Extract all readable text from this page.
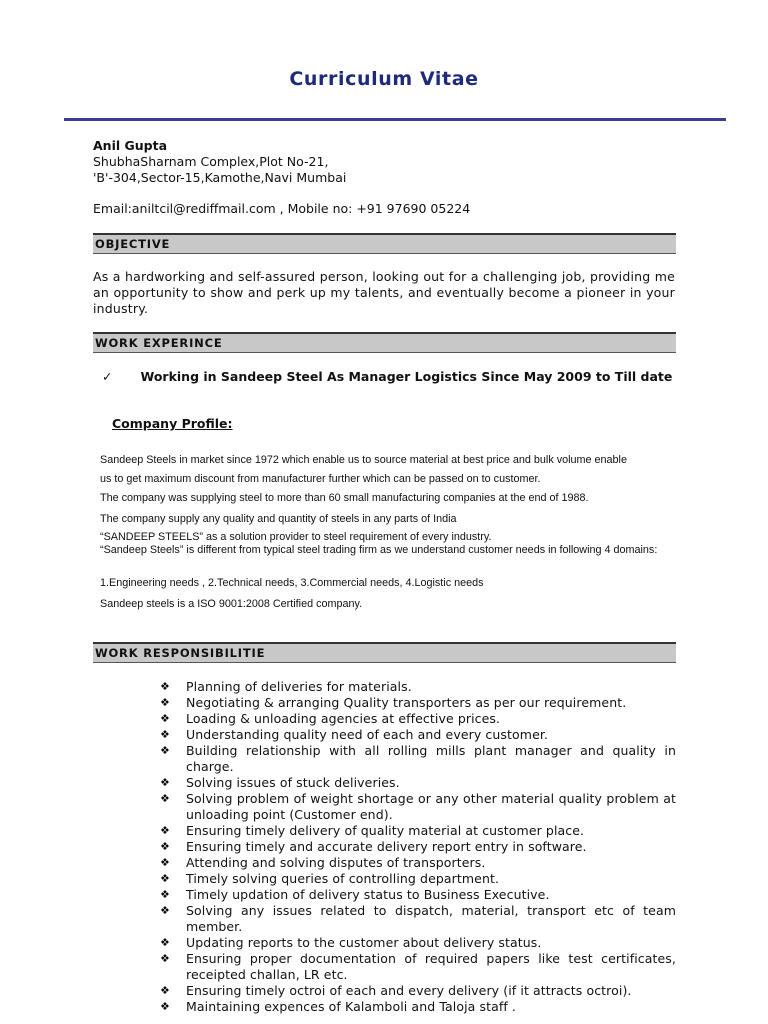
Curriculum Vitae
Anil Gupta
ShubhaSharnam Complex,Plot No-21,
'B'-304,Sector-15,Kamothe,Navi Mumbai
Email:aniltcil@rediffmail.com , Mobile no: +91 97690 05224
OBJECTIVE
As a hardworking and self-assured person, looking out for a challenging job, providing me an opportunity to show and perk up my talents, and eventually become a pioneer in your industry.
WORK EXPERINCE
✓ Working in Sandeep Steel As Manager Logistics Since May 2009 to Till date
Company Profile:
Sandeep Steels in market since 1972 which enable us to source material at best price and bulk volume enable
us to get maximum discount from manufacturer further which can be passed on to customer.
The company was supplying steel to more than 60 small manufacturing companies at the end of 1988.
The company supply any quality and quantity of steels in any parts of India
“SANDEEP STEELS” as a solution provider to steel requirement of every industry.
“Sandeep Steels” is different from typical steel trading firm as we understand customer needs in following 4 domains:
1.Engineering needs , 2.Technical needs, 3.Commercial needs, 4.Logistic needs
Sandeep steels is a ISO 9001:2008 Certified company.
WORK RESPONSIBILITIE
❖ Planning of deliveries for materials.
❖ Negotiating & arranging Quality transporters as per our requirement.
❖ Loading & unloading agencies at effective prices.
❖ Understanding quality need of each and every customer.
❖ Building relationship with all rolling mills plant manager and quality in charge.
❖ Solving issues of stuck deliveries.
❖ Solving problem of weight shortage or any other material quality problem at unloading point (Customer end).
❖ Ensuring timely delivery of quality material at customer place.
❖ Ensuring timely and accurate delivery report entry in software.
❖ Attending and solving disputes of transporters.
❖ Timely solving queries of controlling department.
❖ Timely updation of delivery status to Business Executive.
❖ Solving any issues related to dispatch, material, transport etc of team member.
❖ Updating reports to the customer about delivery status.
❖ Ensuring proper documentation of required papers like test certificates, receipted challan, LR etc.
❖ Ensuring timely octroi of each and every delivery (if it attracts octroi).
❖ Maintaining expences of Kalamboli and Taloja staff .
